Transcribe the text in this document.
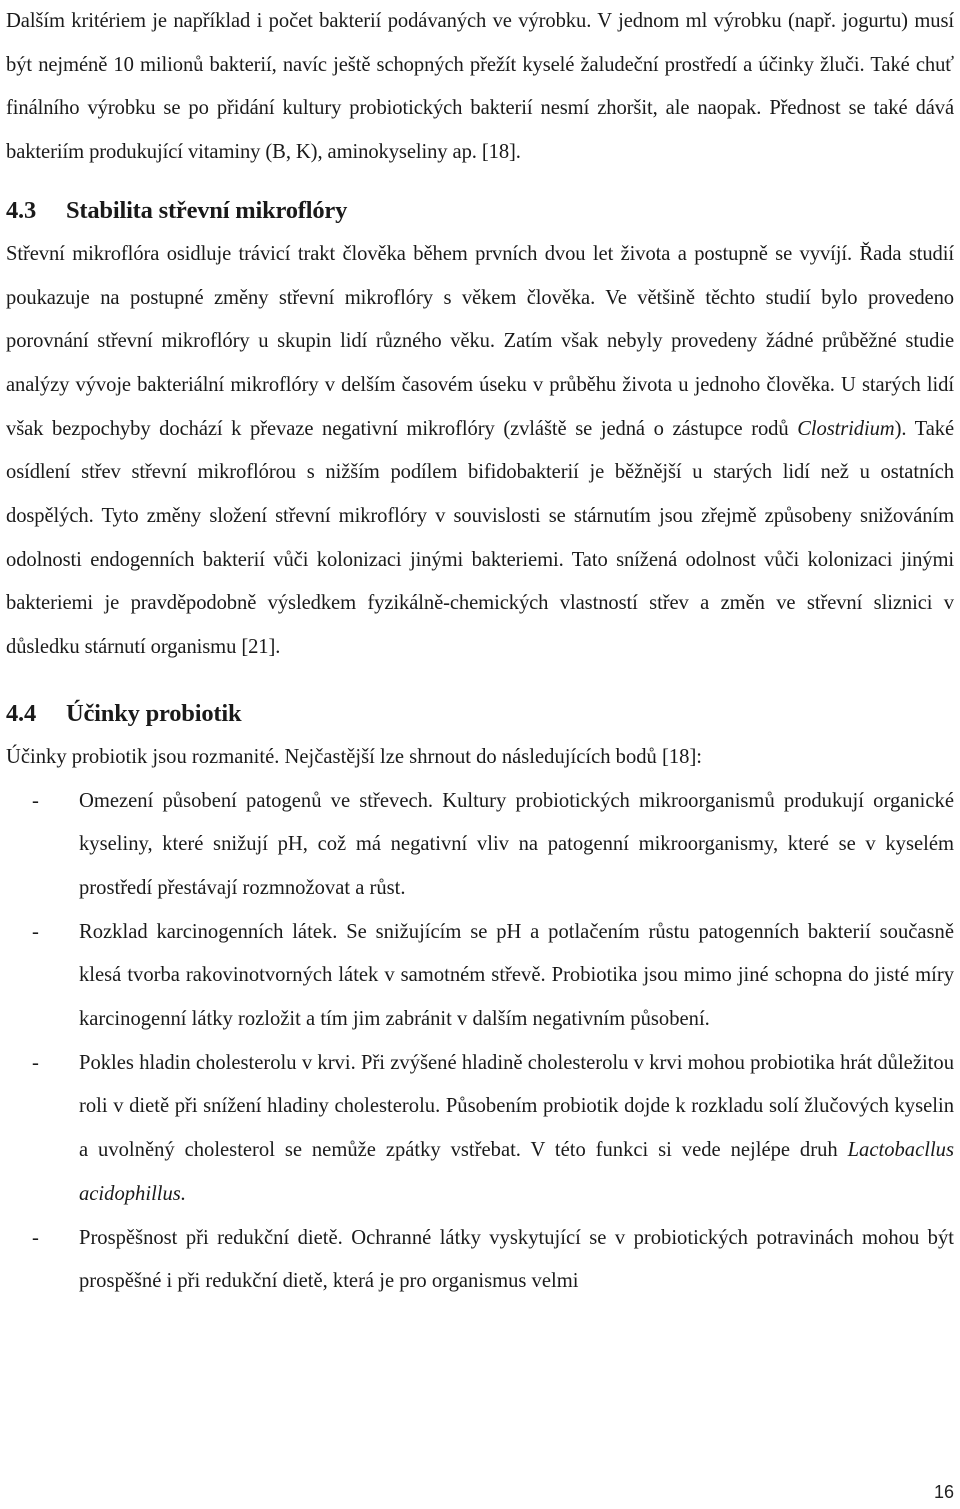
Dalším kritériem je například i počet bakterií podávaných ve výrobku. V jednom ml výrobku (např. jogurtu) musí být nejméně 10 milionů bakterií, navíc ještě schopných přežít kyselé žaludeční prostředí a účinky žluči. Také chuť finálního výrobku se po přidání kultury probiotických bakterií nesmí zhoršit, ale naopak. Přednost se také dává bakteriím produkující vitaminy (B, K), aminokyseliny ap. [18].

4.3 Stabilita střevní mikroflóry

Střevní mikroflóra osidluje trávicí trakt člověka během prvních dvou let života a postupně se vyvíjí. Řada studií poukazuje na postupné změny střevní mikroflóry s věkem člověka. Ve většině těchto studií bylo provedeno porovnání střevní mikroflóry u skupin lidí různého věku. Zatím však nebyly provedeny žádné průběžné studie analýzy vývoje bakteriální mikroflóry v delším časovém úseku v průběhu života u jednoho člověka. U starých lidí však bezpochyby dochází k převaze negativní mikroflóry (zvláště se jedná o zástupce rodů Clostridium). Také osídlení střev střevní mikroflórou s nižším podílem bifidobakterií je běžnější u starých lidí než u ostatních dospělých. Tyto změny složení střevní mikroflóry v souvislosti se stárnutím jsou zřejmě způsobeny snižováním odolnosti endogenních bakterií vůči kolonizaci jinými bakteriemi. Tato snížená odolnost vůči kolonizaci jinými bakteriemi je pravděpodobně výsledkem fyzikálně-chemických vlastností střev a změn ve střevní sliznici v důsledku stárnutí organismu [21].

4.4 Účinky probiotik

Účinky probiotik jsou rozmanité. Nejčastější lze shrnout do následujících bodů [18]:

- Omezení působení patogenů ve střevech. Kultury probiotických mikroorganismů produkují organické kyseliny, které snižují pH, což má negativní vliv na patogenní mikroorganismy, které se v kyselém prostředí přestávají rozmnožovat a růst.
- Rozklad karcinogenních látek. Se snižujícím se pH a potlačením růstu patogenních bakterií současně klesá tvorba rakovinotvorných látek v samotném střevě. Probiotika jsou mimo jiné schopna do jisté míry karcinogenní látky rozložit a tím jim zabránit v dalším negativním působení.
- Pokles hladin cholesterolu v krvi. Při zvýšené hladině cholesterolu v krvi mohou probiotika hrát důležitou roli v dietě při snížení hladiny cholesterolu. Působením probiotik dojde k rozkladu solí žlučových kyselin a uvolněný cholesterol se nemůže zpátky vstřebat. V této funkci si vede nejlépe druh Lactobacllus acidophillus.
- Prospěšnost při redukční dietě. Ochranné látky vyskytující se v probiotických potravinách mohou být prospěšné i při redukční dietě, která je pro organismus velmi
16
